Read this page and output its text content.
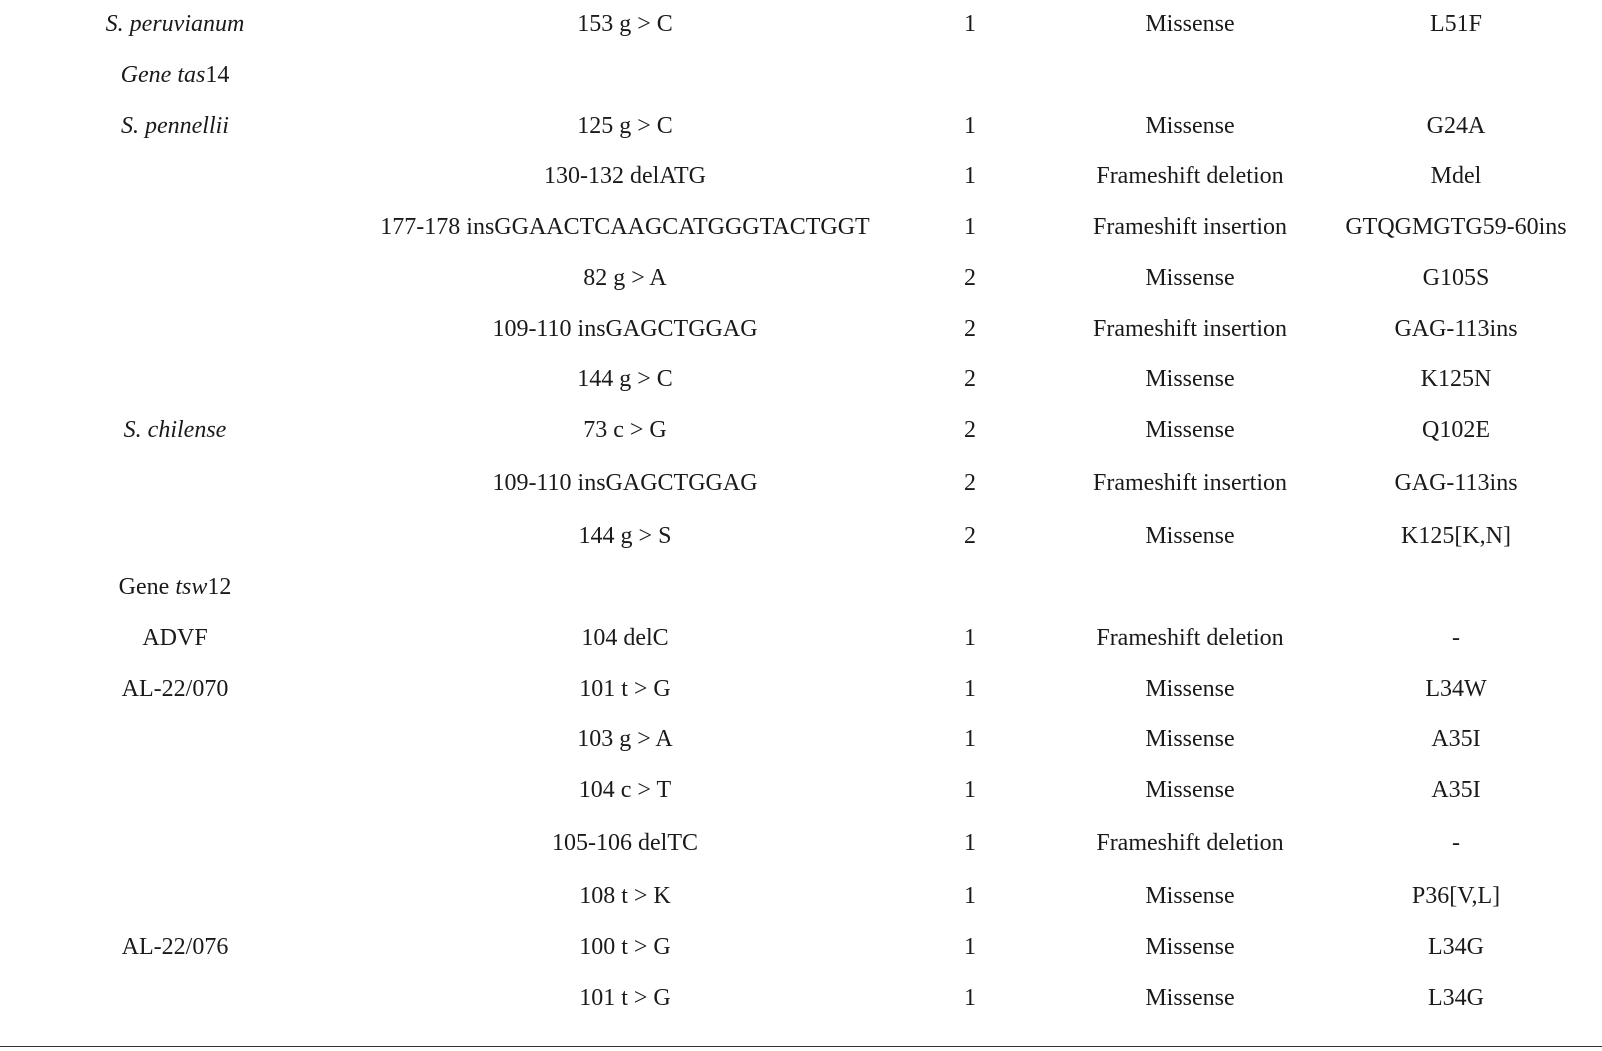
S. peruvianum	153 g > C	1	Missense	L51F
Gene tas14
S. pennellii	125 g > C	1	Missense	G24A
130-132 delATG	1	Frameshift deletion	Mdel
177-178 insGGAACTCAAGCATGGGTACTGGT	1	Frameshift insertion	GTQGMGTG59-60ins
82 g > A	2	Missense	G105S
109-110 insGAGCTGGAG	2	Frameshift insertion	GAG-113ins
144 g > C	2	Missense	K125N
S. chilense	73 c > G	2	Missense	Q102E
109-110 insGAGCTGGAG	2	Frameshift insertion	GAG-113ins
144 g > S	2	Missense	K125[K,N]
Gene tsw12
ADVF	104 delC	1	Frameshift deletion	-
AL-22/070	101 t > G	1	Missense	L34W
103 g > A	1	Missense	A35I
104 c > T	1	Missense	A35I
105-106 delTC	1	Frameshift deletion	-
108 t > K	1	Missense	P36[V,L]
AL-22/076	100 t > G	1	Missense	L34G
101 t > G	1	Missense	L34G
